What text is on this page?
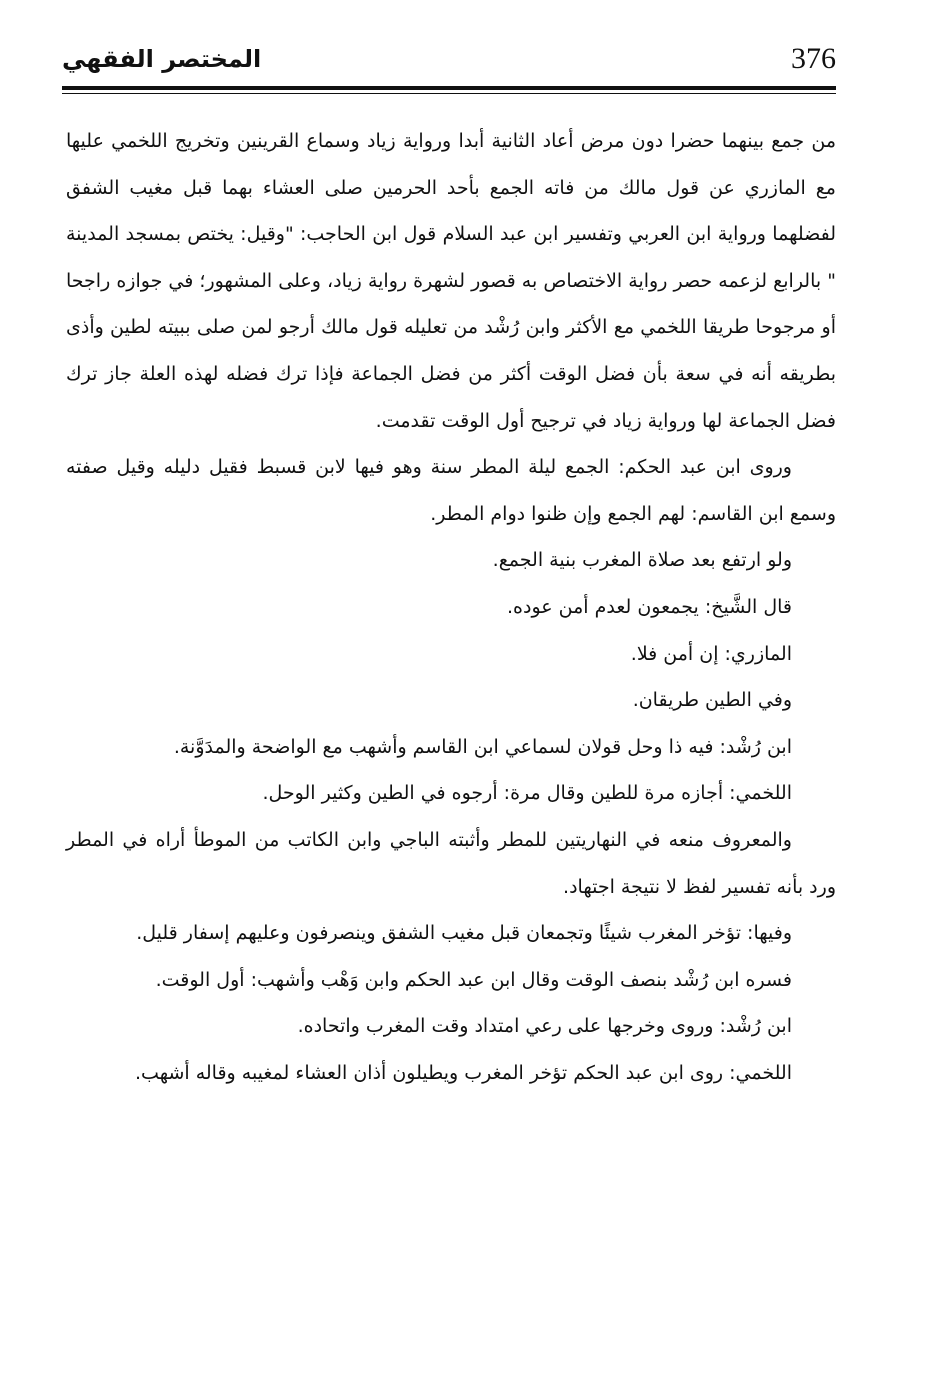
376
المختصر الفقهي

من جمع بينهما حضرا دون مرض أعاد الثانية أبدا ورواية زياد وسماع القرينين وتخريج اللخمي عليها مع المازري عن قول مالك من فاته الجمع بأحد الحرمين صلى العشاء بهما قبل مغيب الشفق لفضلهما ورواية ابن العربي وتفسير ابن عبد السلام قول ابن الحاجب: "وقيل: يختص بمسجد المدينة " بالرابع لزعمه حصر رواية الاختصاص به قصور لشهرة رواية زياد، وعلى المشهور؛ في جوازه راجحا أو مرجوحا طريقا اللخمي مع الأكثر وابن رُشْد من تعليله قول مالك أرجو لمن صلى ببيته لطين وأذى بطريقه أنه في سعة بأن فضل الوقت أكثر من فضل الجماعة فإذا ترك فضله لهذه العلة جاز ترك فضل الجماعة لها ورواية زياد في ترجيح أول الوقت تقدمت.

وروى ابن عبد الحكم: الجمع ليلة المطر سنة وهو فيها لابن قسبط فقيل دليله وقيل صفته وسمع ابن القاسم: لهم الجمع وإن ظنوا دوام المطر.

ولو ارتفع بعد صلاة المغرب بنية الجمع.

قال الشَّيخ: يجمعون لعدم أمن عوده.

المازري: إن أمن فلا.

وفي الطين طريقان.

ابن رُشْد: فيه ذا وحل قولان لسماعي ابن القاسم وأشهب مع الواضحة والمدَوَّنة.

اللخمي: أجازه مرة للطين وقال مرة: أرجوه في الطين وكثير الوحل.

والمعروف منعه في النهاريتين للمطر وأثبته الباجي وابن الكاتب من الموطأ أراه في المطر ورد بأنه تفسير لفظ لا نتيجة اجتهاد.

وفيها: تؤخر المغرب شيئًا وتجمعان قبل مغيب الشفق وينصرفون وعليهم إسفار قليل.

فسره ابن رُشْد بنصف الوقت وقال ابن عبد الحكم وابن وَهْب وأشهب: أول الوقت.

ابن رُشْد: وروى وخرجها على رعي امتداد وقت المغرب واتحاده.

اللخمي: روى ابن عبد الحكم تؤخر المغرب ويطيلون أذان العشاء لمغيبه وقاله أشهب.
